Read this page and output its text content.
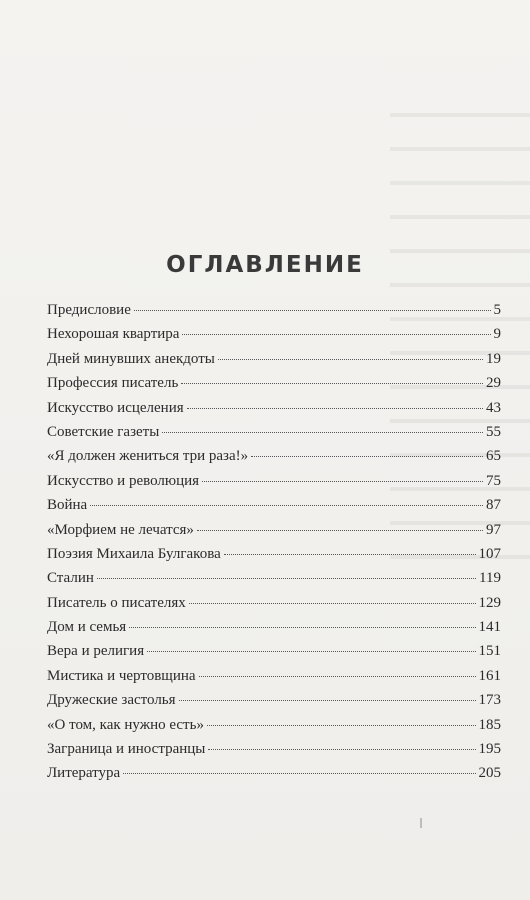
ОГЛАВЛЕНИЕ
Предисловие	5
Нехорошая квартира	9
Дней минувших анекдоты	19
Профессия писатель	29
Искусство исцеления	43
Советские газеты	55
«Я должен жениться три раза!»	65
Искусство и революция	75
Война	87
«Морфием не лечатся»	97
Поэзия Михаила Булгакова	107
Сталин	119
Писатель о писателях	129
Дом и семья	141
Вера и религия	151
Мистика и чертовщина	161
Дружеские застолья	173
«О том, как нужно есть»	185
Заграница и иностранцы	195
Литература	205
